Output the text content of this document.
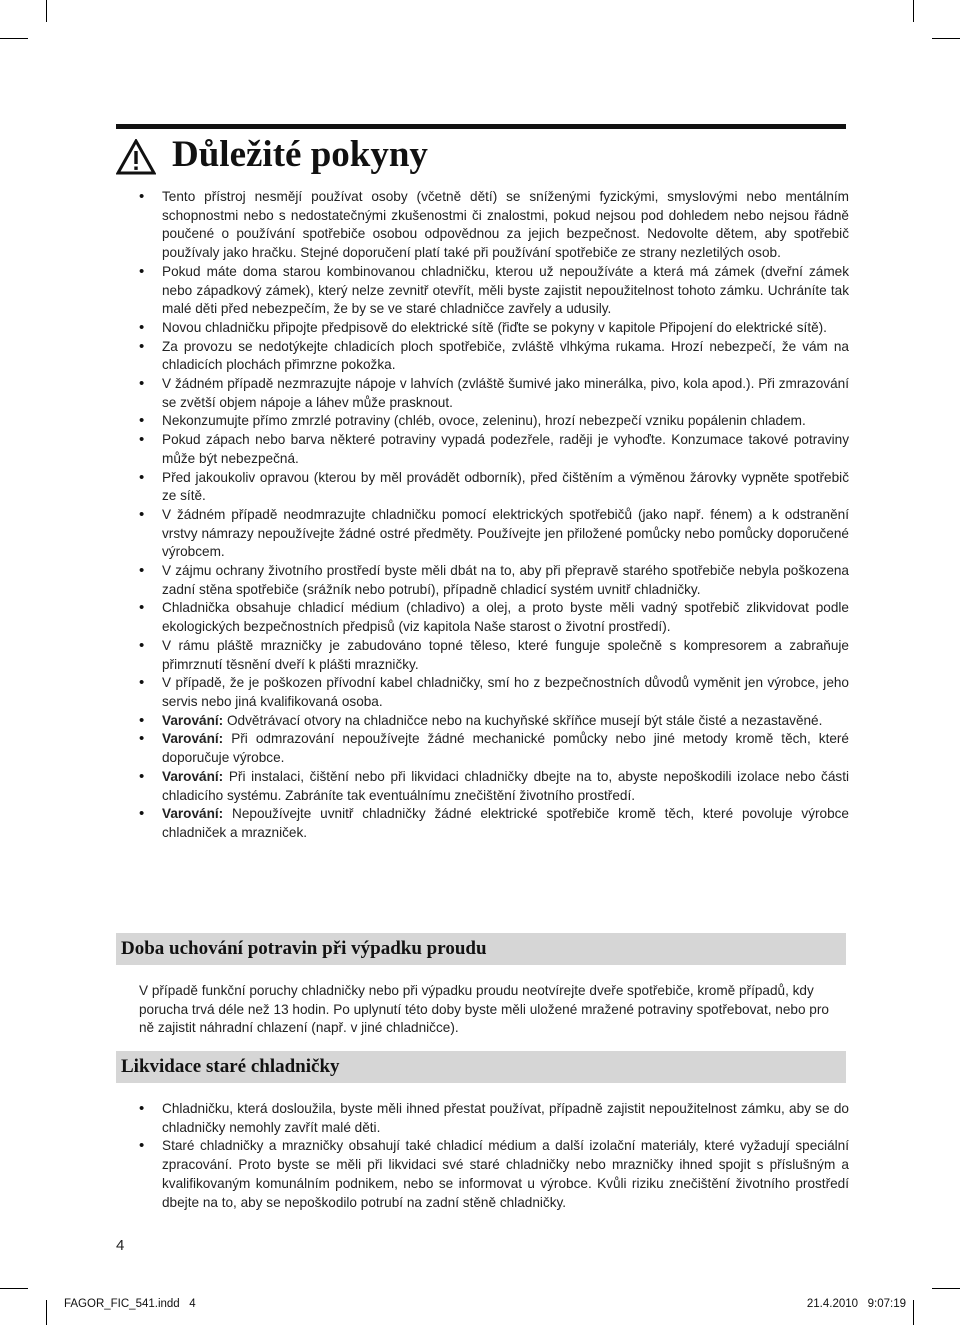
Důležité pokyny
• Tento přístroj nesmějí používat osoby (včetně dětí) se sníženými fyzickými, smyslovými nebo mentálním schopnostmi nebo s nedostatečnými zkušenostmi či znalostmi, pokud nejsou pod dohledem nebo nejsou řádně poučené o používání spotřebiče osobou odpovědnou za jejich bezpečnost. Nedovolte dětem, aby spotřebič používaly jako hračku. Stejné doporučení platí také při používání spotřebiče ze strany nezletilých osob.
• Pokud máte doma starou kombinovanou chladničku, kterou už nepoužíváte a která má zámek (dveřní zámek nebo západkový zámek), který nelze zevnitř otevřít, měli byste zajistit nepoužitelnost tohoto zámku. Uchráníte tak malé děti před nebezpečím, že by se ve staré chladničce zavřely a udusily.
• Novou chladničku připojte předpisově do elektrické sítě (řiďte se pokyny v kapitole Připojení do elektrické sítě).
• Za provozu se nedotýkejte chladicích ploch spotřebiče, zvláště vlhkýma rukama. Hrozí nebezpečí, že vám na chladicích plochách přimrzne pokožka.
• V žádném případě nezmrazujte nápoje v lahvích (zvláště šumivé jako minerálka, pivo, kola apod.). Při zmrazování se zvětší objem nápoje a láhev může prasknout.
• Nekonzumujte přímo zmrzlé potraviny (chléb, ovoce, zeleninu), hrozí nebezpečí vzniku popálenin chladem.
• Pokud zápach nebo barva některé potraviny vypadá podezřele, raději je vyhoďte. Konzumace takové potraviny může být nebezpečná.
• Před jakoukoliv opravou (kterou by měl provádět odborník), před čištěním a výměnou žárovky vypněte spotřebič ze sítě.
• V žádném případě neodmrazujte chladničku pomocí elektrických spotřebičů (jako např. fénem) a k odstranění vrstvy námrazy nepoužívejte žádné ostré předměty. Používejte jen přiložené pomůcky nebo pomůcky doporučené výrobcem.
• V zájmu ochrany životního prostředí byste měli dbát na to, aby při přepravě starého spotřebiče nebyla poškozena zadní stěna spotřebiče (srážník nebo potrubí), případně chladicí systém uvnitř chladničky.
• Chladnička obsahuje chladicí médium (chladivo) a olej, a proto byste měli vadný spotřebič zlikvidovat podle ekologických bezpečnostních předpisů (viz kapitola Naše starost o životní prostředí).
• V rámu pláště mrazničky je zabudováno topné těleso, které funguje společně s kompresorem a zabraňuje přimrznutí těsnění dveří k plášti mrazničky.
• V případě, že je poškozen přívodní kabel chladničky, smí ho z bezpečnostních důvodů vyměnit jen výrobce, jeho servis nebo jiná kvalifikovaná osoba.
• Varování: Odvětrávací otvory na chladničce nebo na kuchyňské skříňce musejí být stále čisté a nezastavěné.
• Varování: Při odmrazování nepoužívejte žádné mechanické pomůcky nebo jiné metody kromě těch, které doporučuje výrobce.
• Varování: Při instalaci, čištění nebo při likvidaci chladničky dbejte na to, abyste nepoškodili izolace nebo části chladicího systému. Zabráníte tak eventuálnímu znečištění životního prostředí.
• Varování: Nepoužívejte uvnitř chladničky žádné elektrické spotřebiče kromě těch, které povoluje výrobce chladniček a mrazniček.
Doba uchování potravin při výpadku proudu

V případě funkční poruchy chladničky nebo při výpadku proudu neotvírejte dveře spotřebiče, kromě případů, kdy porucha trvá déle než 13 hodin. Po uplynutí této doby byste měli uložené mražené potraviny spotřebovat, nebo pro ně zajistit náhradní chlazení (např. v jiné chladničce).

Likvidace staré chladničky
• Chladničku, která dosloužila, byste měli ihned přestat používat, případně zajistit nepoužitelnost zámku, aby se do chladničky nemohly zavřít malé děti.
• Staré chladničky a mrazničky obsahují také chladicí médium a další izolační materiály, které vyžadují speciální zpracování. Proto byste se měli při likvidaci své staré chladničky nebo mrazničky ihned spojit s příslušným a kvalifikovaným komunálním podnikem, nebo se informovat u výrobce. Kvůli riziku znečištění životního prostředí dbejte na to, aby se nepoškodilo potrubí na zadní stěně chladničky.
4
FAGOR_FIC_541.indd   4	21.4.2010   9:07:19
